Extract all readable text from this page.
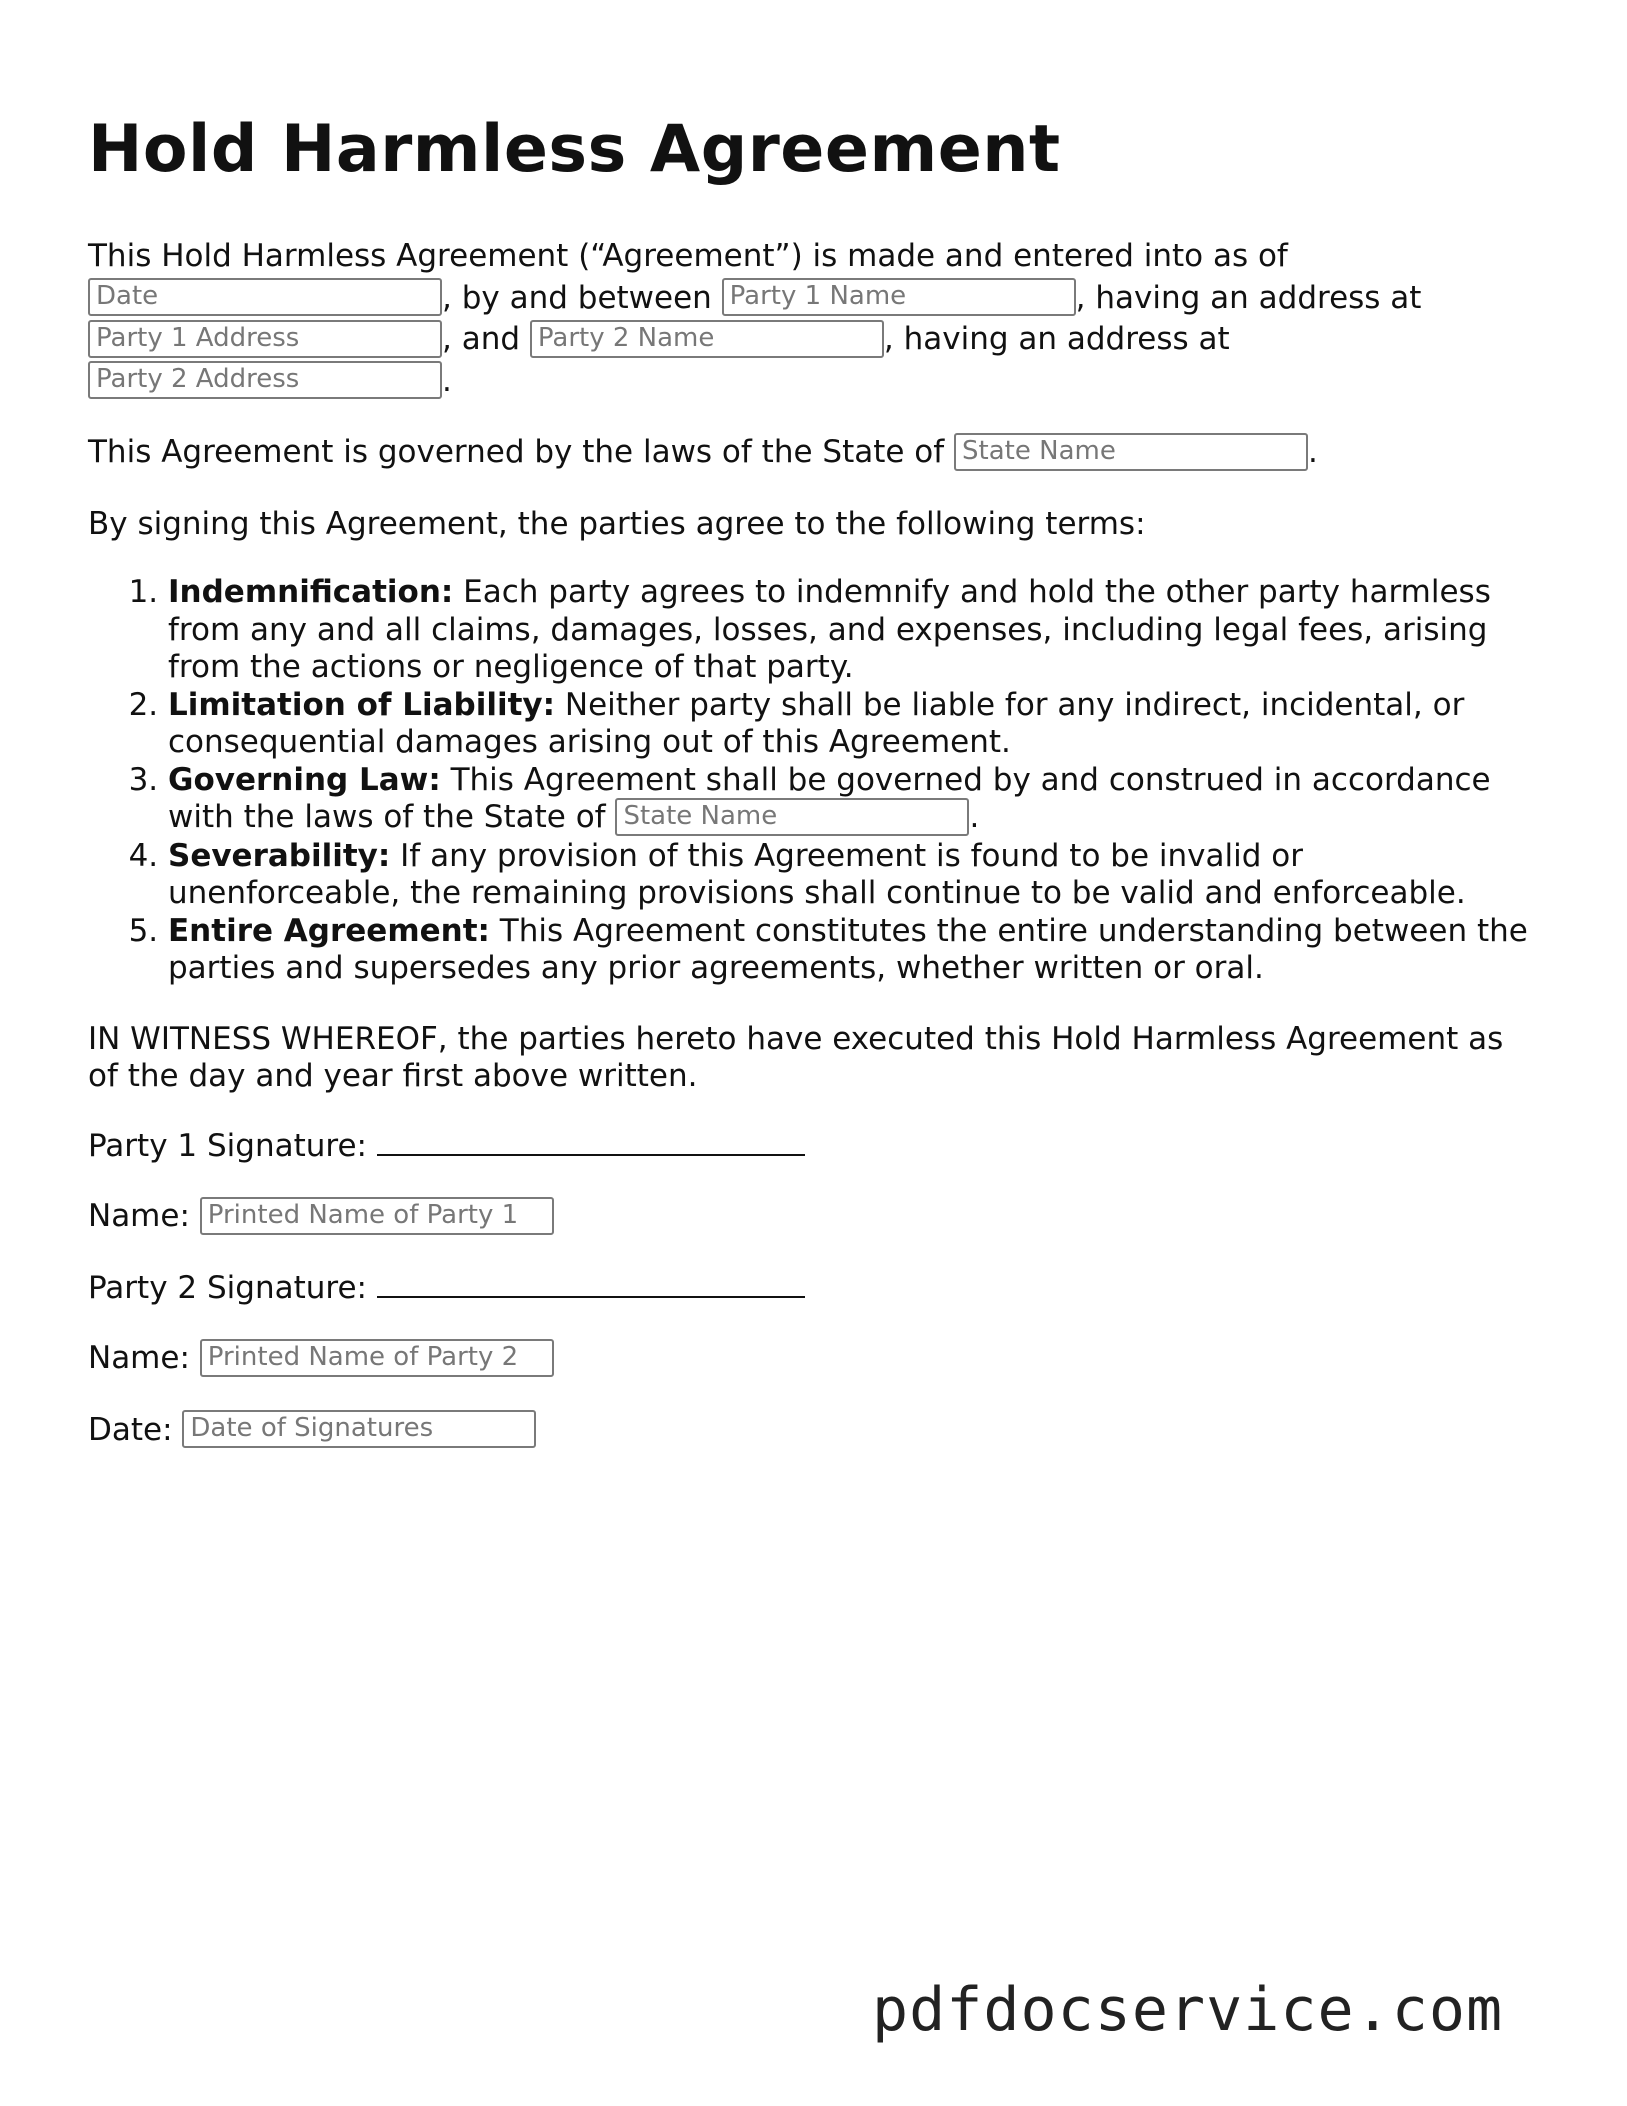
Hold Harmless Agreement

This Hold Harmless Agreement (“Agreement”) is made and entered into as of
Date	, by and between Party 1 Name	, having an address at
Party 1 Address	, and Party 2 Name	, having an address at
Party 2 Address	.

This Agreement is governed by the laws of the State of State Name	.

By signing this Agreement, the parties agree to the following terms:

1. Indemnification: Each party agrees to indemnify and hold the other party harmless from any and all claims, damages, losses, and expenses, including legal fees, arising from the actions or negligence of that party.
2. Limitation of Liability: Neither party shall be liable for any indirect, incidental, or consequential damages arising out of this Agreement.
3. Governing Law: This Agreement shall be governed by and construed in accordance with the laws of the State of State Name	.
4. Severability: If any provision of this Agreement is found to be invalid or unenforceable, the remaining provisions shall continue to be valid and enforceable.
5. Entire Agreement: This Agreement constitutes the entire understanding between the parties and supersedes any prior agreements, whether written or oral.

IN WITNESS WHEREOF, the parties hereto have executed this Hold Harmless Agreement as of the day and year first above written.

Party 1 Signature:

Name: Printed Name of Party 1

Party 2 Signature:

Name: Printed Name of Party 2

Date: Date of Signatures

pdfdocservice.com
